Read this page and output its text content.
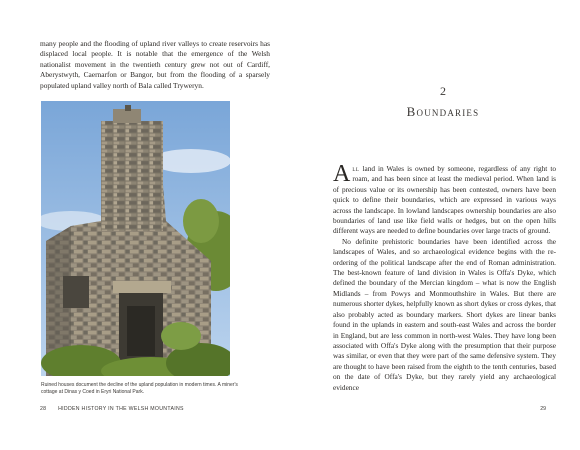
many people and the flooding of upland river valleys to create reservoirs has displaced local people. It is notable that the emergence of the Welsh nationalist movement in the twentieth century grew not out of Cardiff, Aberystwyth, Caernarfon or Bangor, but from the flooding of a sparsely populated upland valley north of Bala called Tryweryn.

Ruined houses document the decline of the upland population in modern times. A miner's cottage at Dinas y Coed in Eryri National Park.

28 HIDDEN HISTORY IN THE WELSH MOUNTAINS
2
Boundaries

All land in Wales is owned by someone, regardless of any right to roam, and has been since at least the medieval period. When land is of precious value or its ownership has been contested, owners have been quick to define their boundaries, which are expressed in various ways across the landscape. In lowland landscapes ownership boundaries are also boundaries of land use like field walls or hedges, but on the open hills different ways are needed to define boundaries over large tracts of ground.

No definite prehistoric boundaries have been identified across the landscapes of Wales, and so archaeological evidence begins with the re-ordering of the political landscape after the end of Roman administration. The best-known feature of land division in Wales is Offa's Dyke, which defined the boundary of the Mercian kingdom – what is now the English Midlands – from Powys and Monmouthshire in Wales. But there are numerous shorter dykes, helpfully known as short dykes or cross dykes, that also probably acted as boundary markers. Short dykes are linear banks found in the uplands in eastern and south-east Wales and across the border in England, but are less common in north-west Wales. They have long been associated with Offa's Dyke along with the presumption that their purpose was similar, or even that they were part of the same defensive system. They are thought to have been raised from the eighth to the tenth centuries, based on the date of Offa's Dyke, but they rarely yield any archaeological evidence

29
